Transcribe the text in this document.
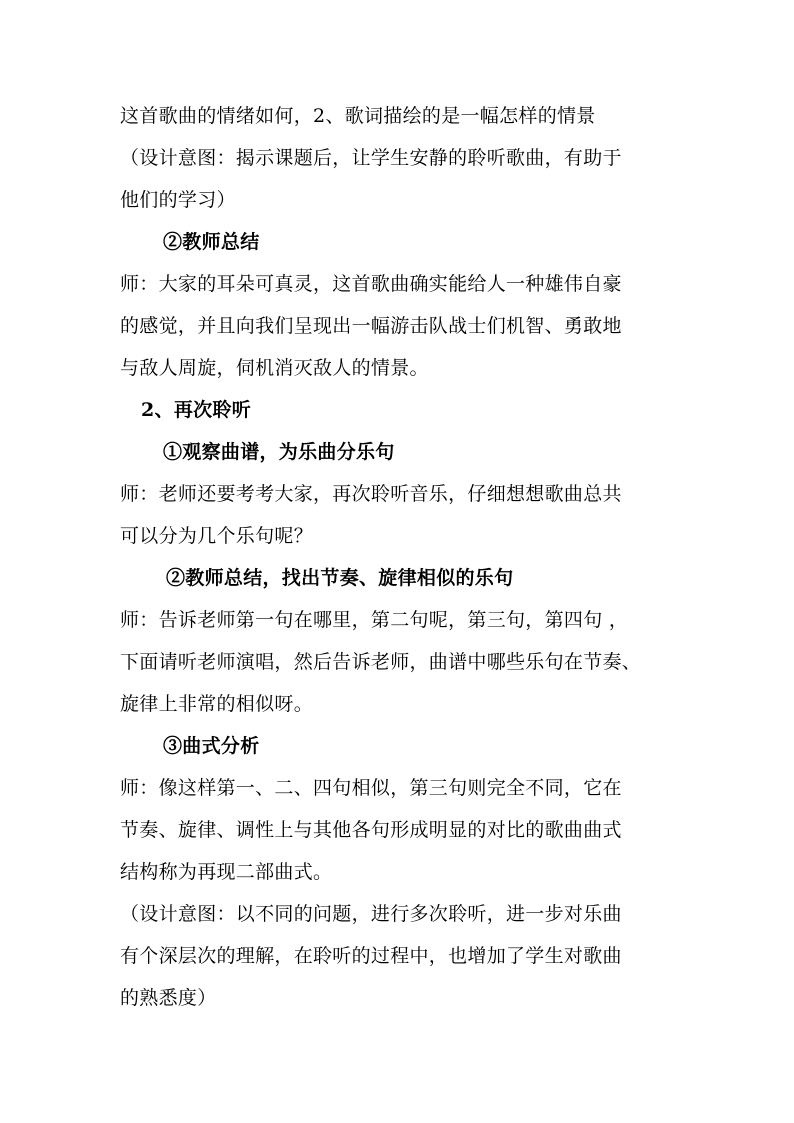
这首歌曲的情绪如何，2、歌词描绘的是一幅怎样的情景
（设计意图：揭示课题后，让学生安静的聆听歌曲，有助于
他们的学习）
②教师总结
师：大家的耳朵可真灵，这首歌曲确实能给人一种雄伟自豪
的感觉，并且向我们呈现出一幅游击队战士们机智、勇敢地
与敌人周旋，伺机消灭敌人的情景。
2、再次聆听
①观察曲谱，为乐曲分乐句
师：老师还要考考大家，再次聆听音乐，仔细想想歌曲总共
可以分为几个乐句呢？
②教师总结，找出节奏、旋律相似的乐句
师：告诉老师第一句在哪里，第二句呢，第三句，第四句 ，
下面请听老师演唱，然后告诉老师，曲谱中哪些乐句在节奏、
旋律上非常的相似呀。
③曲式分析
师：像这样第一、二、四句相似，第三句则完全不同，它在
节奏、旋律、调性上与其他各句形成明显的对比的歌曲曲式
结构称为再现二部曲式。
（设计意图：以不同的问题，进行多次聆听，进一步对乐曲
有个深层次的理解，在聆听的过程中，也增加了学生对歌曲
的熟悉度）
